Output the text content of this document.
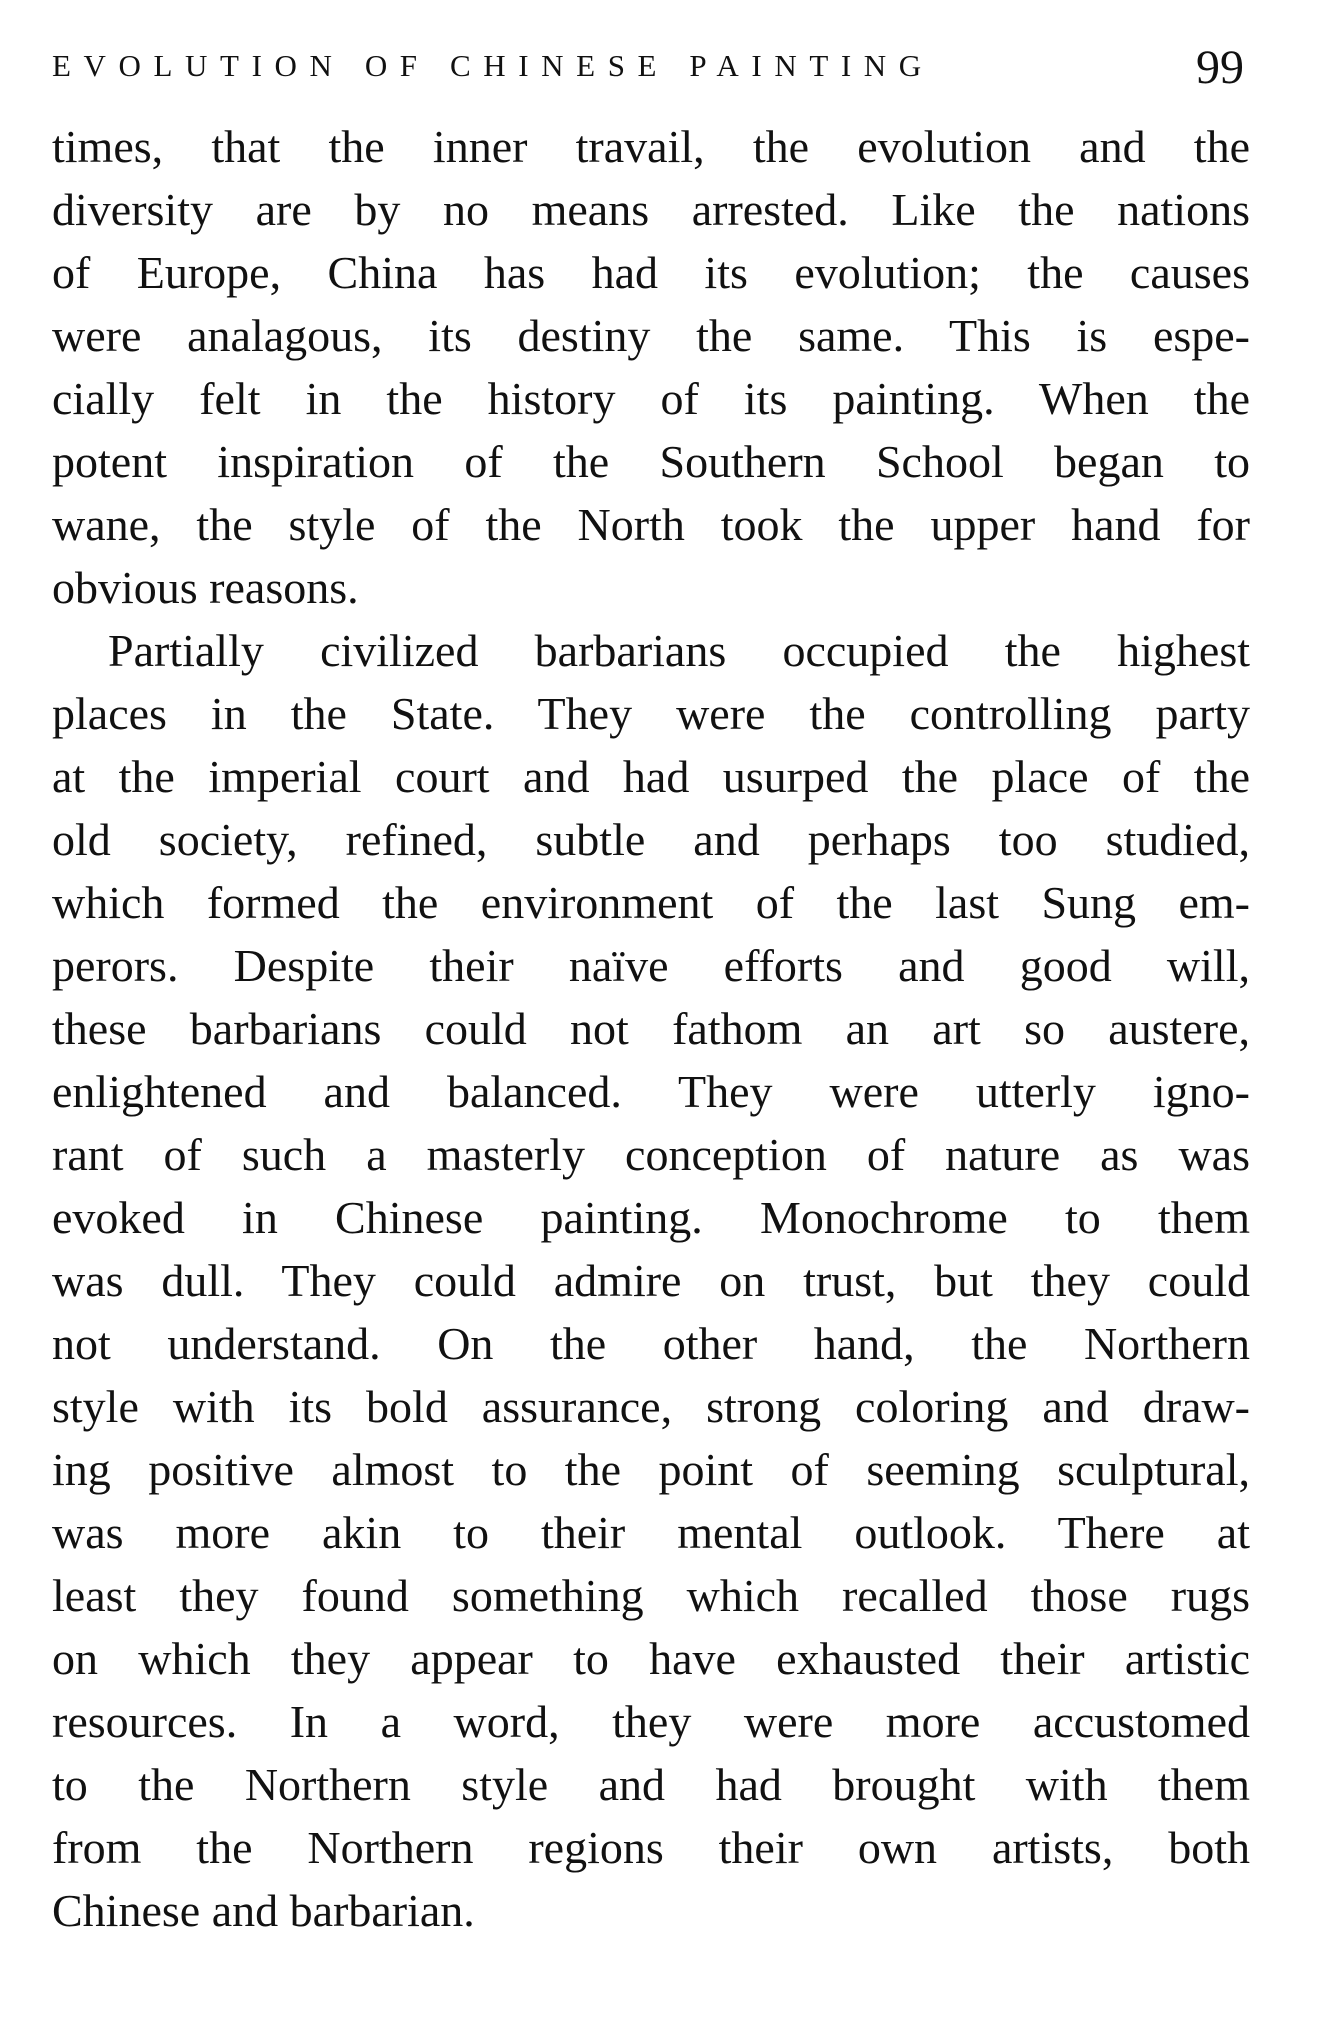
EVOLUTION OF CHINESE PAINTING	99
times, that the inner travail, the evolution and the
diversity are by no means arrested. Like the nations
of Europe, China has had its evolution; the causes
were analagous, its destiny the same. This is espe-
cially felt in the history of its painting. When the
potent inspiration of the Southern School began to
wane, the style of the North took the upper hand for
obvious reasons.
Partially civilized barbarians occupied the highest
places in the State. They were the controlling party
at the imperial court and had usurped the place of the
old society, refined, subtle and perhaps too studied,
which formed the environment of the last Sung em-
perors. Despite their naïve efforts and good will,
these barbarians could not fathom an art so austere,
enlightened and balanced. They were utterly igno-
rant of such a masterly conception of nature as was
evoked in Chinese painting. Monochrome to them
was dull. They could admire on trust, but they could
not understand. On the other hand, the Northern
style with its bold assurance, strong coloring and draw-
ing positive almost to the point of seeming sculptural,
was more akin to their mental outlook. There at
least they found something which recalled those rugs
on which they appear to have exhausted their artistic
resources. In a word, they were more accustomed
to the Northern style and had brought with them
from the Northern regions their own artists, both
Chinese and barbarian.
